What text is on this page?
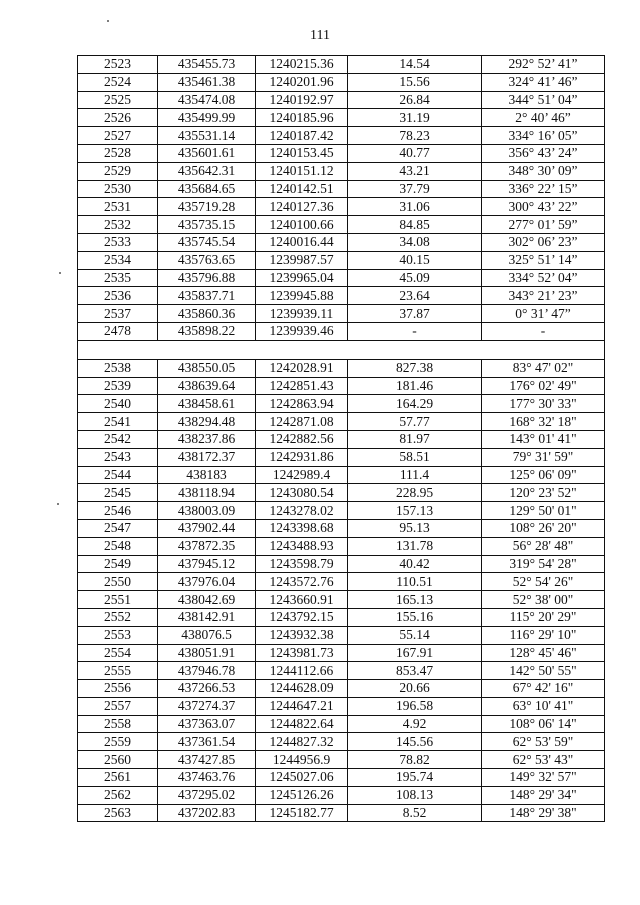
111
2523	435455.73	1240215.36	14.54	292° 52’ 41”
2524	435461.38	1240201.96	15.56	324° 41’ 46”
2525	435474.08	1240192.97	26.84	344° 51’ 04”
2526	435499.99	1240185.96	31.19	2° 40’ 46”
2527	435531.14	1240187.42	78.23	334° 16’ 05”
2528	435601.61	1240153.45	40.77	356° 43’ 24”
2529	435642.31	1240151.12	43.21	348° 30’ 09”
2530	435684.65	1240142.51	37.79	336° 22’ 15”
2531	435719.28	1240127.36	31.06	300° 43’ 22”
2532	435735.15	1240100.66	84.85	277° 01’ 59”
2533	435745.54	1240016.44	34.08	302° 06’ 23”
2534	435763.65	1239987.57	40.15	325° 51’ 14”
2535	435796.88	1239965.04	45.09	334° 52’ 04”
2536	435837.71	1239945.88	23.64	343° 21’ 23”
2537	435860.36	1239939.11	37.87	0° 31’ 47”
2478	435898.22	1239939.46	-	-

2538	438550.05	1242028.91	827.38	83° 47' 02"
2539	438639.64	1242851.43	181.46	176° 02' 49"
2540	438458.61	1242863.94	164.29	177° 30' 33"
2541	438294.48	1242871.08	57.77	168° 32' 18"
2542	438237.86	1242882.56	81.97	143° 01' 41"
2543	438172.37	1242931.86	58.51	79° 31' 59"
2544	438183	1242989.4	111.4	125° 06' 09"
2545	438118.94	1243080.54	228.95	120° 23' 52"
2546	438003.09	1243278.02	157.13	129° 50' 01"
2547	437902.44	1243398.68	95.13	108° 26' 20"
2548	437872.35	1243488.93	131.78	56° 28' 48"
2549	437945.12	1243598.79	40.42	319° 54' 28"
2550	437976.04	1243572.76	110.51	52° 54' 26"
2551	438042.69	1243660.91	165.13	52° 38' 00"
2552	438142.91	1243792.15	155.16	115° 20' 29"
2553	438076.5	1243932.38	55.14	116° 29' 10"
2554	438051.91	1243981.73	167.91	128° 45' 46"
2555	437946.78	1244112.66	853.47	142° 50' 55"
2556	437266.53	1244628.09	20.66	67° 42' 16"
2557	437274.37	1244647.21	196.58	63° 10' 41"
2558	437363.07	1244822.64	4.92	108° 06' 14"
2559	437361.54	1244827.32	145.56	62° 53' 59"
2560	437427.85	1244956.9	78.82	62° 53' 43"
2561	437463.76	1245027.06	195.74	149° 32' 57"
2562	437295.02	1245126.26	108.13	148° 29' 34"
2563	437202.83	1245182.77	8.52	148° 29' 38"
